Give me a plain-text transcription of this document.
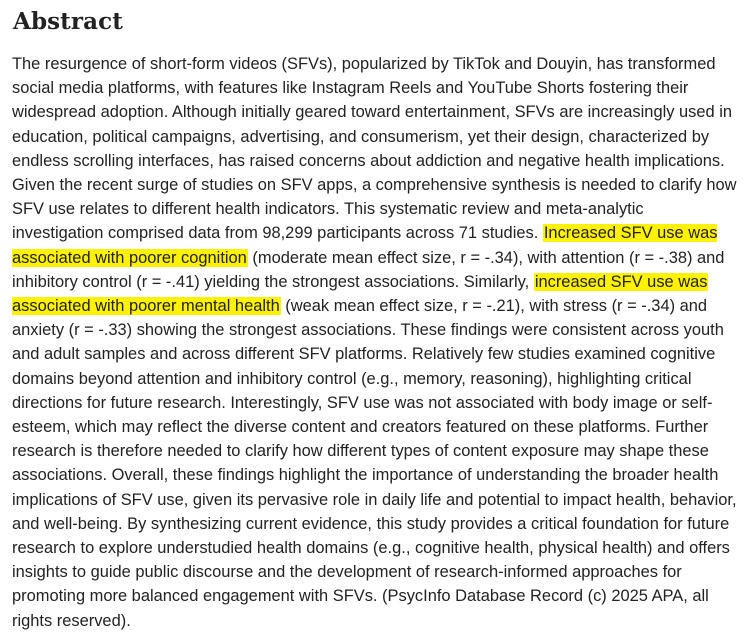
Abstract

The resurgence of short-form videos (SFVs), popularized by TikTok and Douyin, has transformed social media platforms, with features like Instagram Reels and YouTube Shorts fostering their widespread adoption. Although initially geared toward entertainment, SFVs are increasingly used in education, political campaigns, advertising, and consumerism, yet their design, characterized by endless scrolling interfaces, has raised concerns about addiction and negative health implications. Given the recent surge of studies on SFV apps, a comprehensive synthesis is needed to clarify how SFV use relates to different health indicators. This systematic review and meta-analytic investigation comprised data from 98,299 participants across 71 studies. Increased SFV use was associated with poorer cognition (moderate mean effect size, r = -.34), with attention (r = -.38) and inhibitory control (r = -.41) yielding the strongest associations. Similarly, increased SFV use was associated with poorer mental health (weak mean effect size, r = -.21), with stress (r = -.34) and anxiety (r = -.33) showing the strongest associations. These findings were consistent across youth and adult samples and across different SFV platforms. Relatively few studies examined cognitive domains beyond attention and inhibitory control (e.g., memory, reasoning), highlighting critical directions for future research. Interestingly, SFV use was not associated with body image or self-esteem, which may reflect the diverse content and creators featured on these platforms. Further research is therefore needed to clarify how different types of content exposure may shape these associations. Overall, these findings highlight the importance of understanding the broader health implications of SFV use, given its pervasive role in daily life and potential to impact health, behavior, and well-being. By synthesizing current evidence, this study provides a critical foundation for future research to explore understudied health domains (e.g., cognitive health, physical health) and offers insights to guide public discourse and the development of research-informed approaches for promoting more balanced engagement with SFVs. (PsycInfo Database Record (c) 2025 APA, all rights reserved).
